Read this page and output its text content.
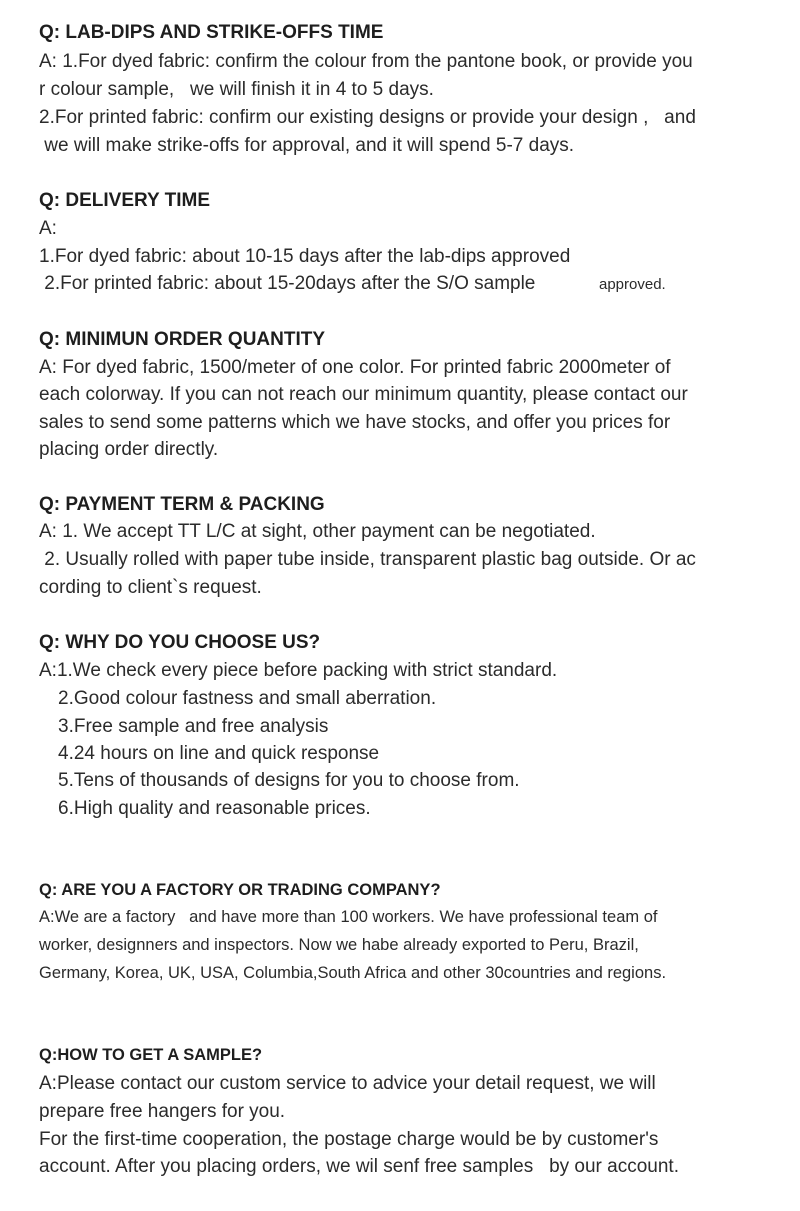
Q: LAB-DIPS AND STRIKE-OFFS TIME
A: 1.For dyed fabric: confirm the colour from the pantone book, or provide you
r colour sample,   we will finish it in 4 to 5 days.
2.For printed fabric: confirm our existing designs or provide your design ,   and
we will make strike-offs for approval, and it will spend 5-7 days.
Q: DELIVERY TIME
A:
1.For dyed fabric: about 10-15 days after the lab-dips approved
2.For printed fabric: about 15-20days after the S/O sample	approved.
Q: MINIMUN ORDER QUANTITY
A: For dyed fabric, 1500/meter of one color. For printed fabric 2000meter of
each colorway. If you can not reach our minimum quantity, please contact our
sales to send some patterns which we have stocks, and offer you prices for
placing order directly.
Q: PAYMENT TERM & PACKING
A: 1. We accept TT L/C at sight, other payment can be negotiated.
2. Usually rolled with paper tube inside, transparent plastic bag outside. Or ac
cording to client`s request.
Q: WHY DO YOU CHOOSE US?
A:1.We check every piece before packing with strict standard.
2.Good colour fastness and small aberration.
3.Free sample and free analysis
4.24 hours on line and quick response
5.Tens of thousands of designs for you to choose from.
6.High quality and reasonable prices.
Q: ARE YOU A FACTORY OR TRADING COMPANY?
A:We are a factory   and have more than 100 workers. We have professional team of
worker, designners and inspectors. Now we habe already exported to Peru, Brazil,
Germany, Korea, UK, USA, Columbia,South Africa and other 30countries and regions.
Q:HOW TO GET A SAMPLE?
A:Please contact our custom service to advice your detail request, we will
prepare free hangers for you.
For the first-time cooperation, the postage charge would be by customer's
account. After you placing orders, we wil senf free samples   by our account.
